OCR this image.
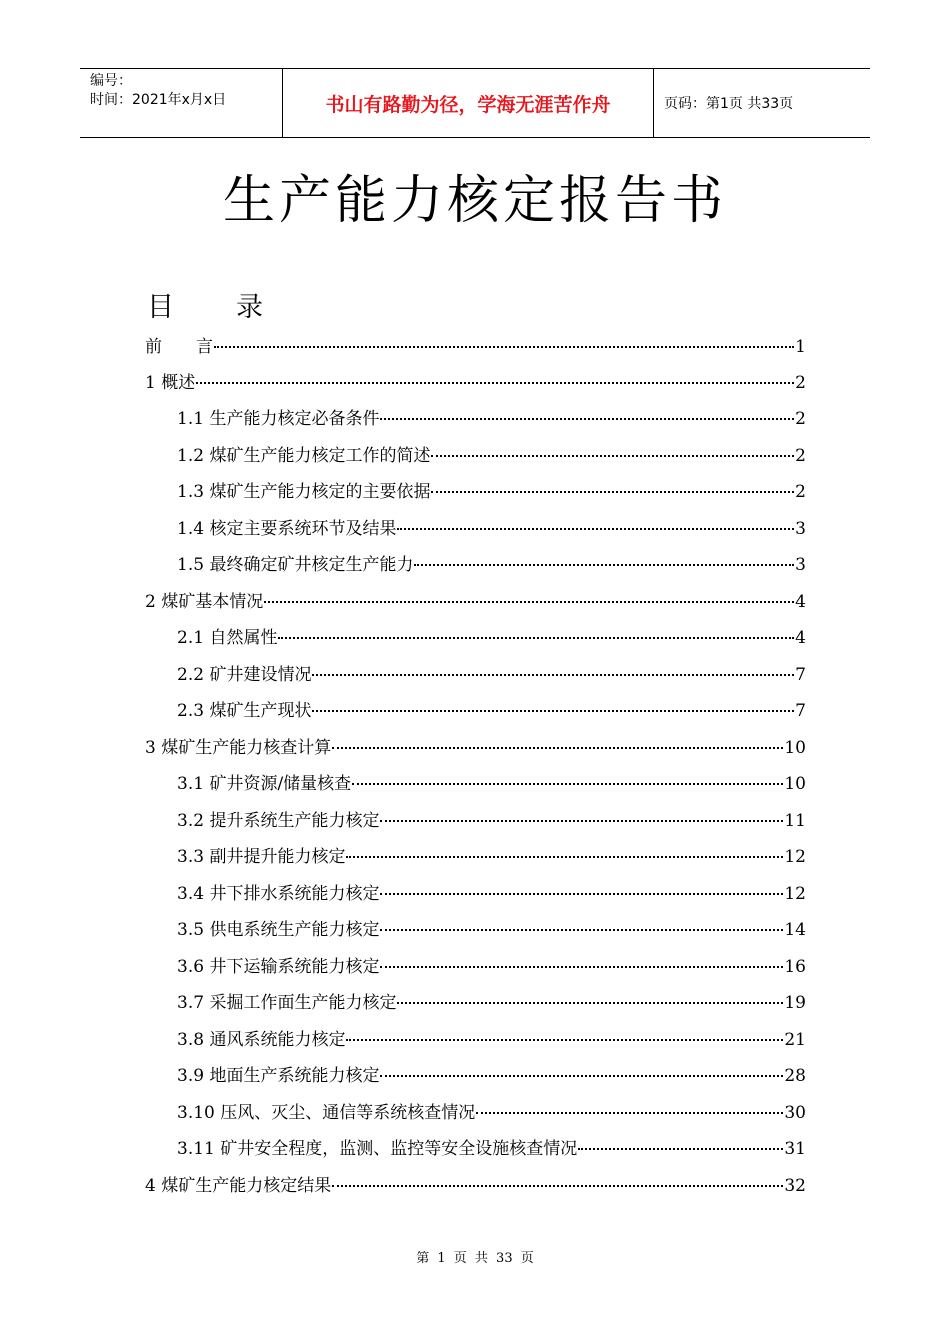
编号：
时间：2021年x月x日	书山有路勤为径，学海无涯苦作舟	页码：第1页 共33页
生产能力核定报告书
目 录
前　　言	1
1 概述	2
1.1 生产能力核定必备条件	2
1.2 煤矿生产能力核定工作的简述	2
1.3 煤矿生产能力核定的主要依据	2
1.4 核定主要系统环节及结果	3
1.5 最终确定矿井核定生产能力	3
2 煤矿基本情况	4
2.1 自然属性	4
2.2 矿井建设情况	7
2.3 煤矿生产现状	7
3 煤矿生产能力核查计算	10
3.1 矿井资源/储量核查	10
3.2 提升系统生产能力核定	11
3.3 副井提升能力核定	12
3.4 井下排水系统能力核定	12
3.5 供电系统生产能力核定	14
3.6 井下运输系统能力核定	16
3.7 采掘工作面生产能力核定	19
3.8 通风系统能力核定	21
3.9 地面生产系统能力核定	28
3.10 压风、灭尘、通信等系统核查情况	30
3.11 矿井安全程度，监测、监控等安全设施核查情况	31
4 煤矿生产能力核定结果	32
第 1 页 共 33 页
